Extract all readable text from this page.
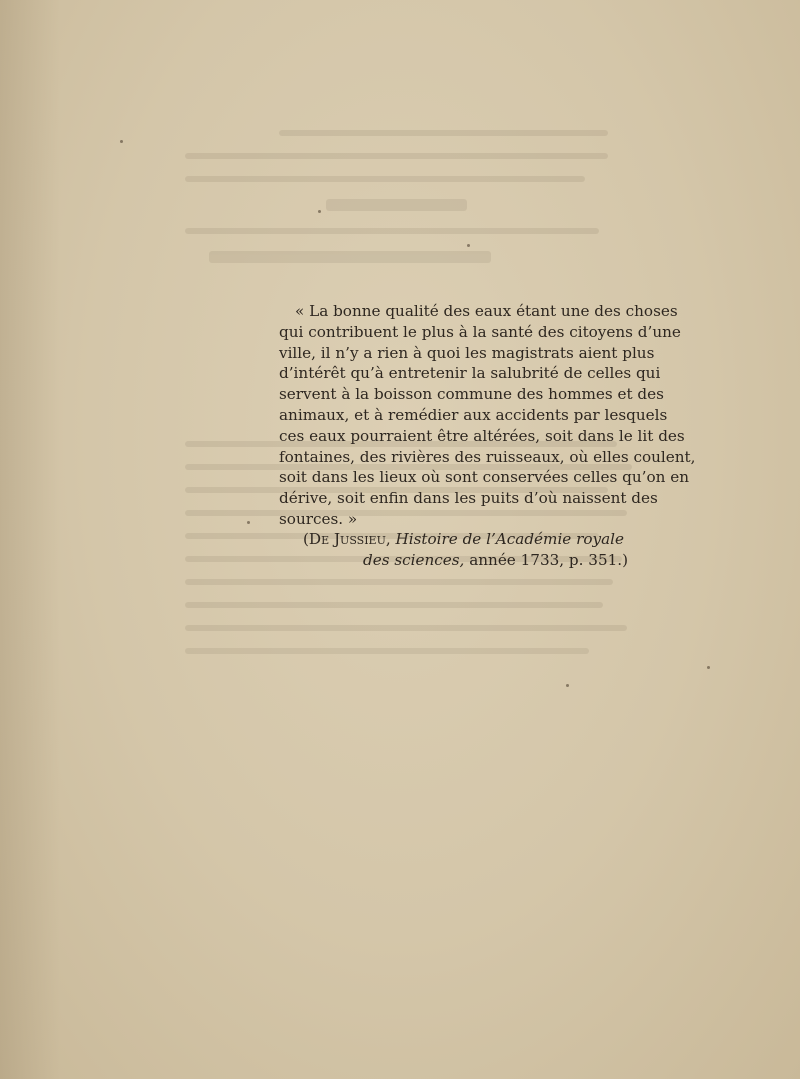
« La bonne qualité des eaux étant une des choses
qui contribuent le plus à la santé des citoyens d’une
ville, il n’y a rien à quoi les magistrats aient plus
d’intérêt qu’à entretenir la salubrité de celles qui
servent à la boisson commune des hommes et des
animaux, et à remédier aux accidents par lesquels
ces eaux pourraient être altérées, soit dans le lit des
fontaines, des rivières des ruisseaux, où elles coulent,
soit dans les lieux où sont conservées celles qu’on en
dérive, soit enfin dans les puits d’où naissent des
sources. »
(De Jussieu, Histoire de l’Académie royale
des sciences, année 1733, p. 351.)
